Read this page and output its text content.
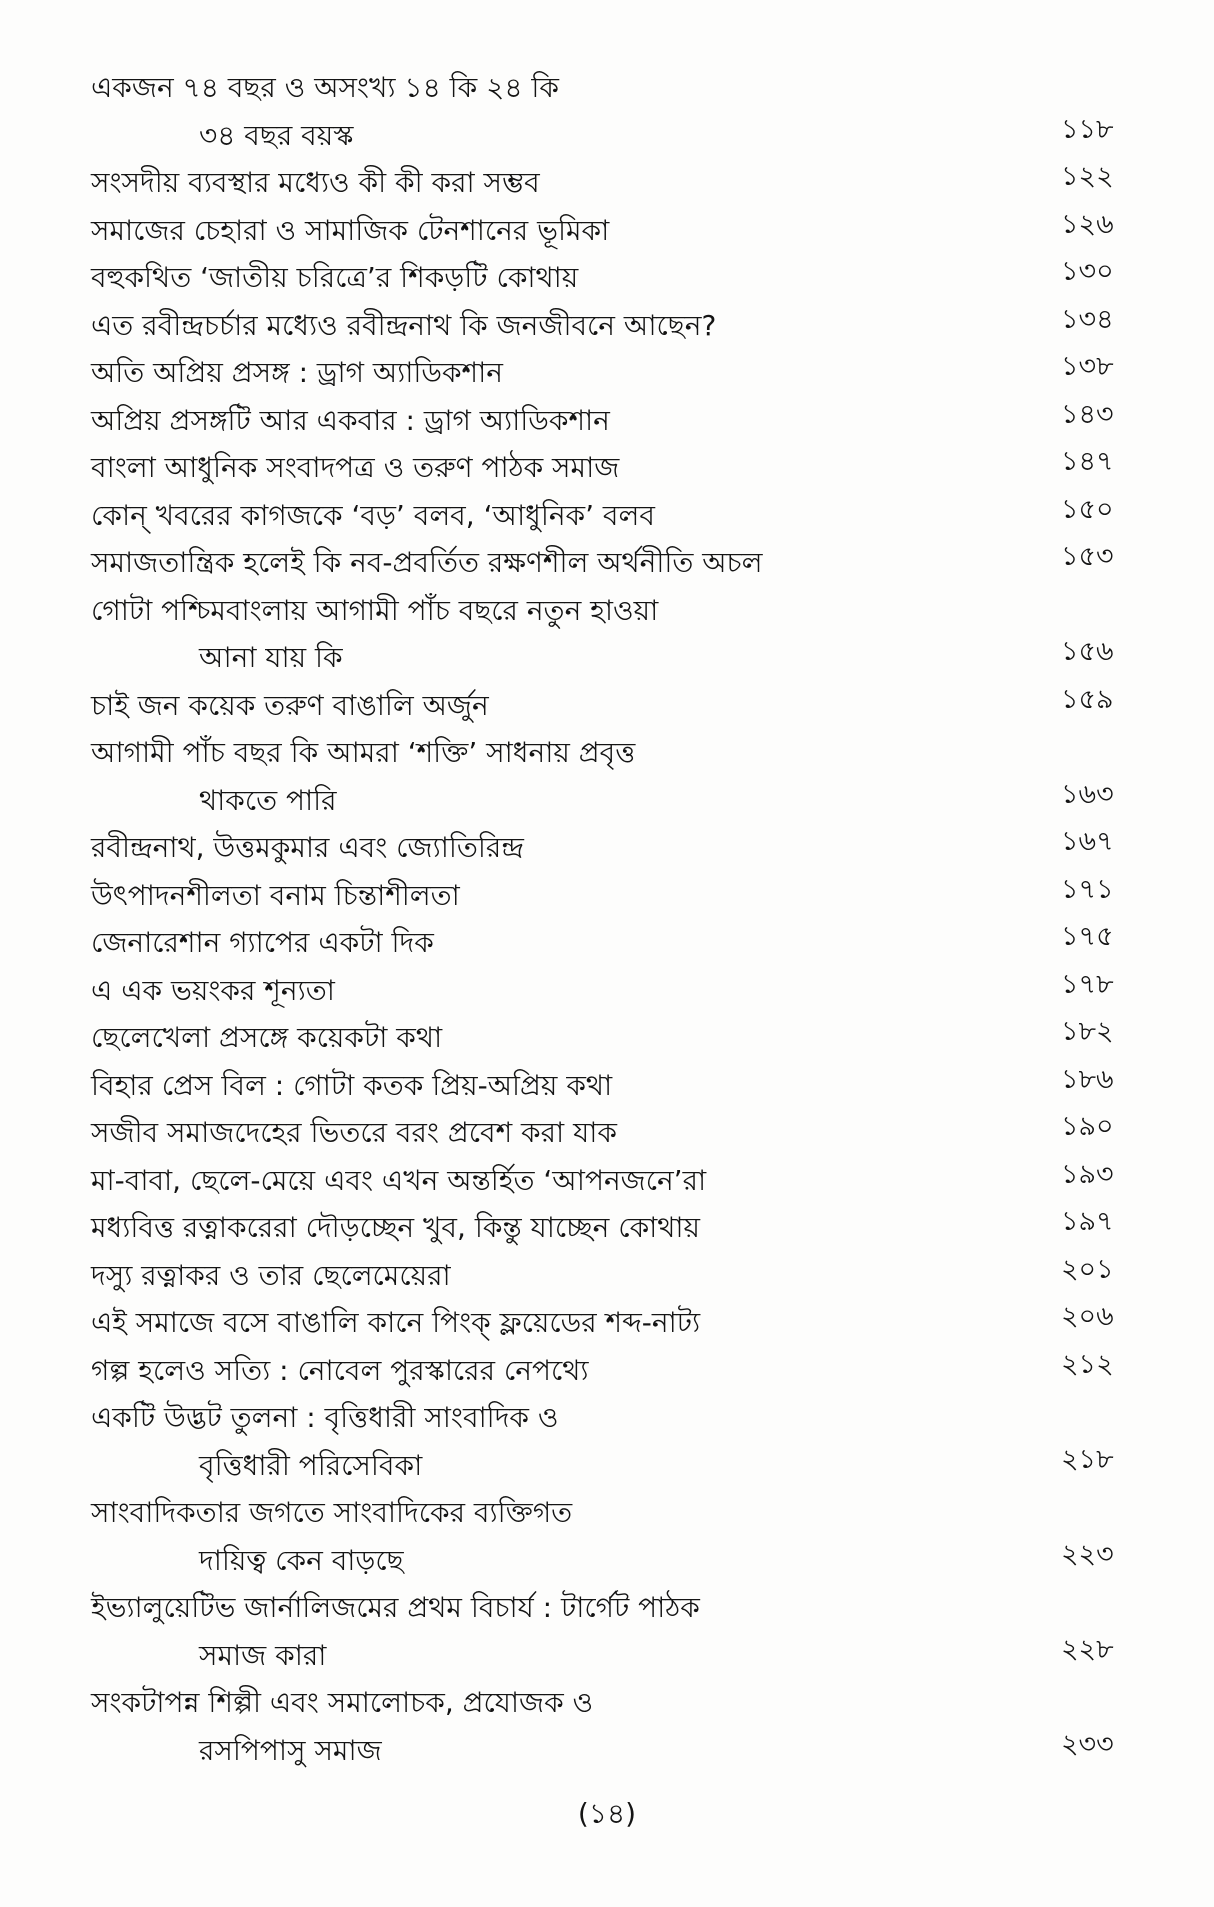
একজন ৭৪ বছর ও অসংখ্য ১৪ কি ২৪ কি
৩৪ বছর বয়স্ক	১১৮
সংসদীয় ব্যবস্থার মধ্যেও কী কী করা সম্ভব	১২২
সমাজের চেহারা ও সামাজিক টেনশানের ভূমিকা	১২৬
বহুকথিত ‘জাতীয় চরিত্রে’র শিকড়টি কোথায়	১৩০
এত রবীন্দ্রচর্চার মধ্যেও রবীন্দ্রনাথ কি জনজীবনে আছেন?	১৩৪
অতি অপ্রিয় প্রসঙ্গ : ড্রাগ অ্যাডিকশান	১৩৮
অপ্রিয় প্রসঙ্গটি আর একবার : ড্রাগ অ্যাডিকশান	১৪৩
বাংলা আধুনিক সংবাদপত্র ও তরুণ পাঠক সমাজ	১৪৭
কোন্ খবরের কাগজকে ‘বড়’ বলব, ‘আধুনিক’ বলব	১৫০
সমাজতান্ত্রিক হলেই কি নব-প্রবর্তিত রক্ষণশীল অর্থনীতি অচল	১৫৩
গোটা পশ্চিমবাংলায় আগামী পাঁচ বছরে নতুন হাওয়া
আনা যায় কি	১৫৬
চাই জন কয়েক তরুণ বাঙালি অর্জুন	১৫৯
আগামী পাঁচ বছর কি আমরা ‘শক্তি’ সাধনায় প্রবৃত্ত
থাকতে পারি	১৬৩
রবীন্দ্রনাথ, উত্তমকুমার এবং জ্যোতিরিন্দ্র	১৬৭
উৎপাদনশীলতা বনাম চিন্তাশীলতা	১৭১
জেনারেশান গ্যাপের একটা দিক	১৭৫
এ এক ভয়ংকর শূন্যতা	১৭৮
ছেলেখেলা প্রসঙ্গে কয়েকটা কথা	১৮২
বিহার প্রেস বিল : গোটা কতক প্রিয়-অপ্রিয় কথা	১৮৬
সজীব সমাজদেহের ভিতরে বরং প্রবেশ করা যাক	১৯০
মা-বাবা, ছেলে-মেয়ে এবং এখন অন্তর্হিত ‘আপনজনে’রা	১৯৩
মধ্যবিত্ত রত্নাকরেরা দৌড়চ্ছেন খুব, কিন্তু যাচ্ছেন কোথায়	১৯৭
দস্যু রত্নাকর ও তার ছেলেমেয়েরা	২০১
এই সমাজে বসে বাঙালি কানে পিংক্ ফ্লয়েডের শব্দ-নাট্য	২০৬
গল্প হলেও সত্যি : নোবেল পুরস্কারের নেপথ্যে	২১২
একটি উদ্ভট তুলনা : বৃত্তিধারী সাংবাদিক ও
বৃত্তিধারী পরিসেবিকা	২১৮
সাংবাদিকতার জগতে সাংবাদিকের ব্যক্তিগত
দায়িত্ব কেন বাড়ছে	২২৩
ইভ্যালুয়েটিভ জার্নালিজমের প্রথম বিচার্য : টার্গেট পাঠক
সমাজ কারা	২২৮
সংকটাপন্ন শিল্পী এবং সমালোচক, প্রযোজক ও
রসপিপাসু সমাজ	২৩৩
(১৪)
